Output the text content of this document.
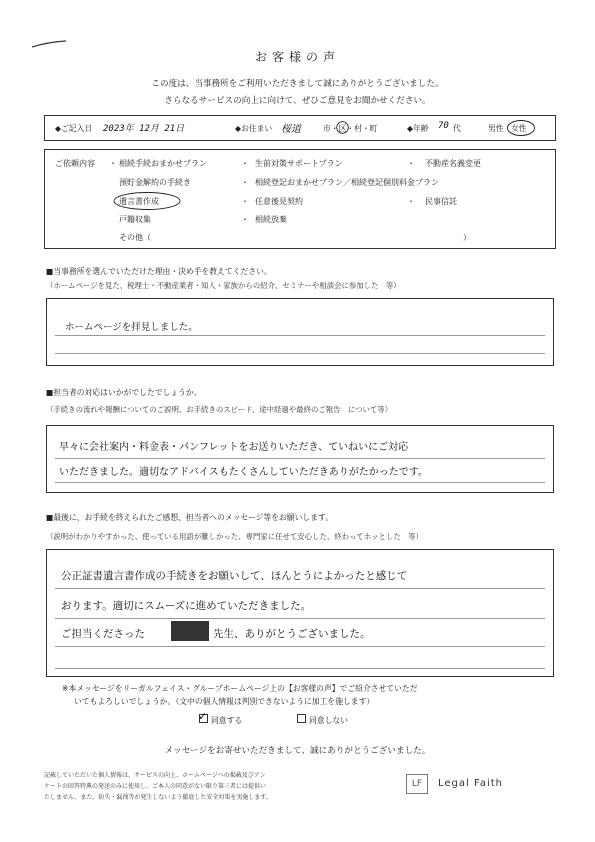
お客様の声
この度は、当事務所をご利用いただきまして誠にありがとうございました。
さらなるサービスの向上に向けて、ぜひご意見をお聞かせください。
◆ご記入日 2023年 12月 21日	◆お住まい 桜道	市・区・村・町	◆年齢 70 代	男性 女性
ご依頼内容 ・ 相続手続おまかせプラン	・ 生前対策サポートプラン	・ 不動産名義変更
預貯金解約の手続き	・ 相続登記おまかせプラン／相続登記個別料金プラン
遺言書作成	・ 任意後見契約	・ 民事信託
戸籍収集	・ 相続放棄
その他（	）
■当事務所を選んでいただけた理由・決め手を教えてください。
（ホームページを見た、税理士・不動産業者・知人・家族からの紹介、セミナーや相談会に参加した　等）
ホームページを拝見しました。
■担当者の対応はいかがでしたでしょうか。
（手続きの流れや報酬についてのご説明、お手続きのスピード、途中経過や最終のご報告　について等）
早々に会社案内・料金表・パンフレットをお送りいただき、ていねいにご対応
いただきました。適切なアドバイスもたくさんしていただきありがたかったです。
■最後に、お手続を終えられたご感想、担当者へのメッセージ等をお願いします。
（説明がわかりやすかった、使っている用語が難しかった、専門家に任せて安心した、終わってホッとした　等）
公正証書遺言書作成の手続きをお願いして、ほんとうによかったと感じて
おります。適切にスムーズに進めていただきました。
ご担当くださった	先生、ありがとうございました。
※本メッセージをリーガルフェイス・グループホームページ上の【お客様の声】でご紹介させていただ
いてもよろしいでしょうか。（文中の個人情報は判別できないように加工を施します）
✓ 同意する	同意しない
メッセージをお寄せいただきまして、誠にありがとうございました。
記載していただいた個人情報は、サービスの向上、ホームページへの掲載及びアン
ケートの回答特典の発送のみに使用し、ご本人の同意がない限り第三者には提供い
たしません。また、紛失・漏洩等が発生しないよう徹底した安全対策を実施します。
LF	Legal Faith
